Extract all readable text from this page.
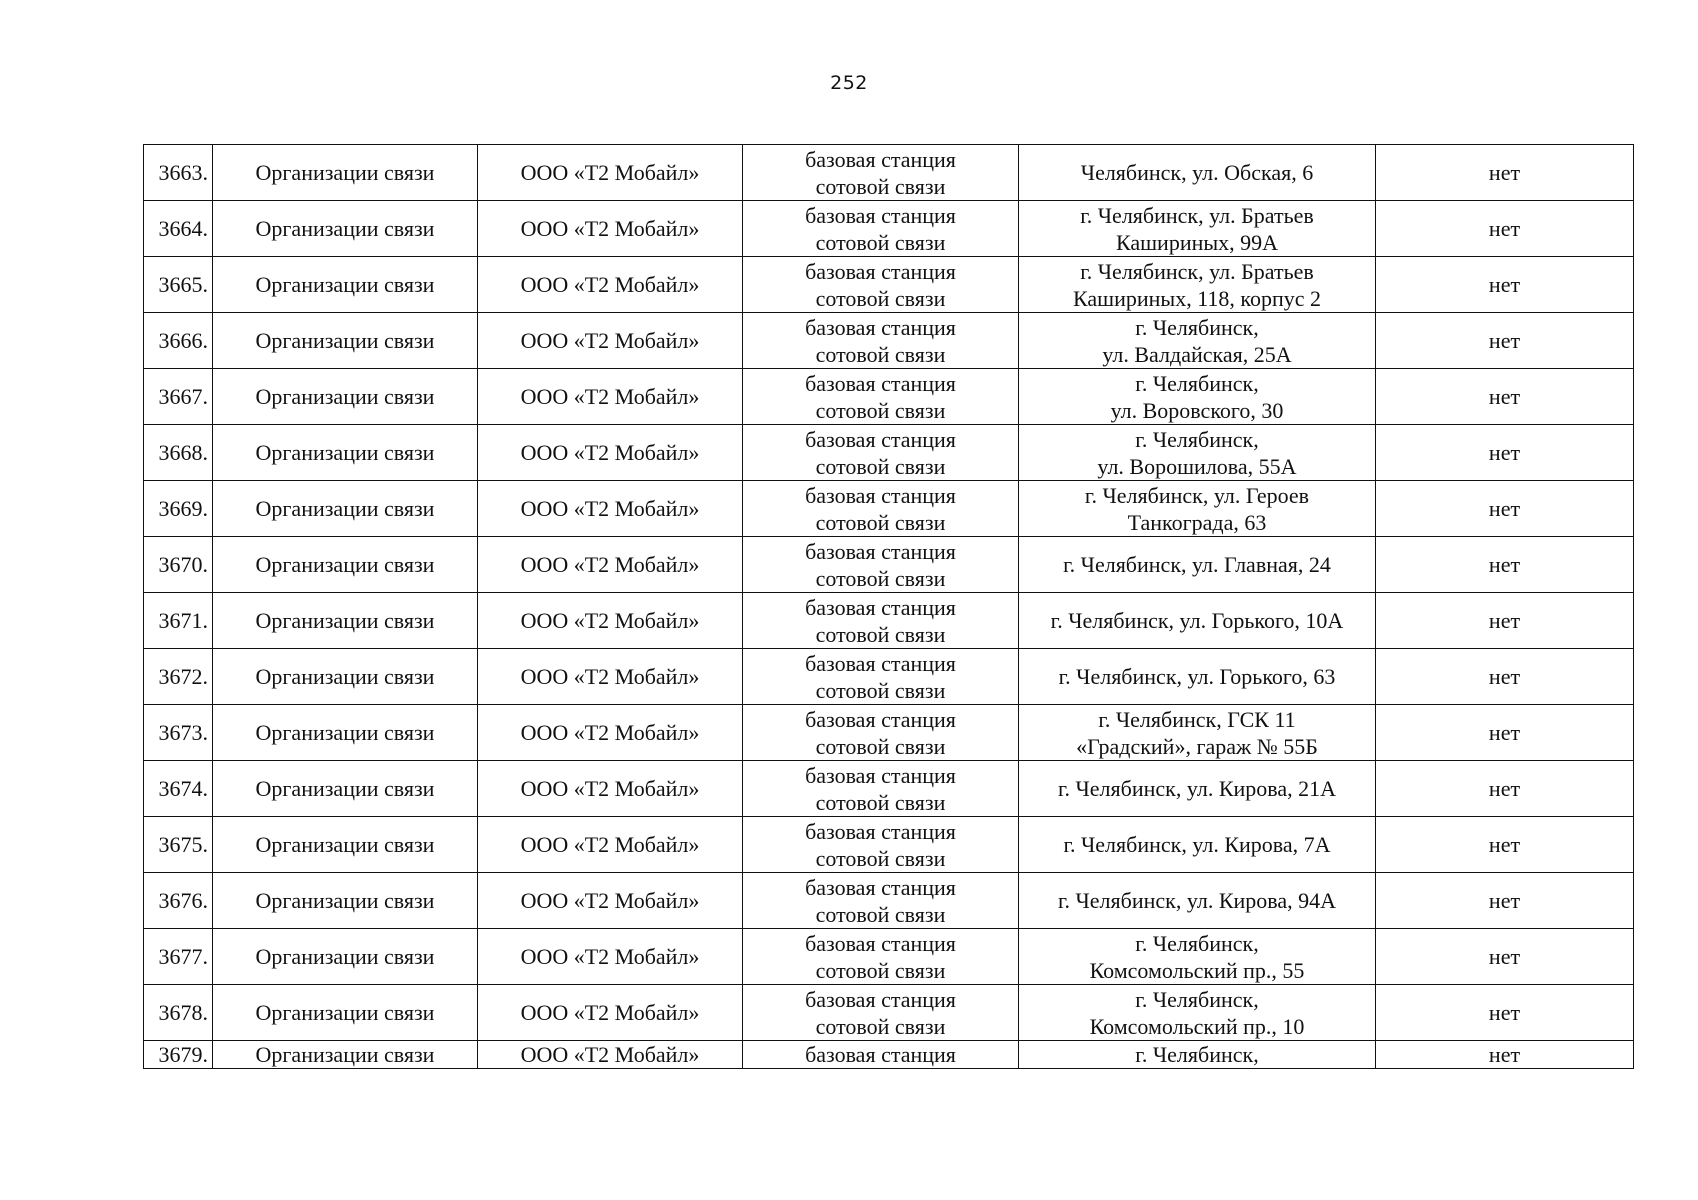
252
3663.	Организации связи	ООО «Т2 Мобайл»	базовая станция
сотовой связи	Челябинск, ул. Обская, 6	нет
3664.	Организации связи	ООО «Т2 Мобайл»	базовая станция
сотовой связи	г. Челябинск, ул. Братьев
Кашириных, 99А	нет
3665.	Организации связи	ООО «Т2 Мобайл»	базовая станция
сотовой связи	г. Челябинск, ул. Братьев
Кашириных, 118, корпус 2	нет
3666.	Организации связи	ООО «Т2 Мобайл»	базовая станция
сотовой связи	г. Челябинск,
ул. Валдайская, 25А	нет
3667.	Организации связи	ООО «Т2 Мобайл»	базовая станция
сотовой связи	г. Челябинск,
ул. Воровского, 30	нет
3668.	Организации связи	ООО «Т2 Мобайл»	базовая станция
сотовой связи	г. Челябинск,
ул. Ворошилова, 55А	нет
3669.	Организации связи	ООО «Т2 Мобайл»	базовая станция
сотовой связи	г. Челябинск, ул. Героев
Танкограда, 63	нет
3670.	Организации связи	ООО «Т2 Мобайл»	базовая станция
сотовой связи	г. Челябинск, ул. Главная, 24	нет
3671.	Организации связи	ООО «Т2 Мобайл»	базовая станция
сотовой связи	г. Челябинск, ул. Горького, 10А	нет
3672.	Организации связи	ООО «Т2 Мобайл»	базовая станция
сотовой связи	г. Челябинск, ул. Горького, 63	нет
3673.	Организации связи	ООО «Т2 Мобайл»	базовая станция
сотовой связи	г. Челябинск, ГСК 11
«Градский», гараж № 55Б	нет
3674.	Организации связи	ООО «Т2 Мобайл»	базовая станция
сотовой связи	г. Челябинск, ул. Кирова, 21А	нет
3675.	Организации связи	ООО «Т2 Мобайл»	базовая станция
сотовой связи	г. Челябинск, ул. Кирова, 7А	нет
3676.	Организации связи	ООО «Т2 Мобайл»	базовая станция
сотовой связи	г. Челябинск, ул. Кирова, 94А	нет
3677.	Организации связи	ООО «Т2 Мобайл»	базовая станция
сотовой связи	г. Челябинск,
Комсомольский пр., 55	нет
3678.	Организации связи	ООО «Т2 Мобайл»	базовая станция
сотовой связи	г. Челябинск,
Комсомольский пр., 10	нет
3679.	Организации связи	ООО «Т2 Мобайл»	базовая станция	г. Челябинск,	нет
